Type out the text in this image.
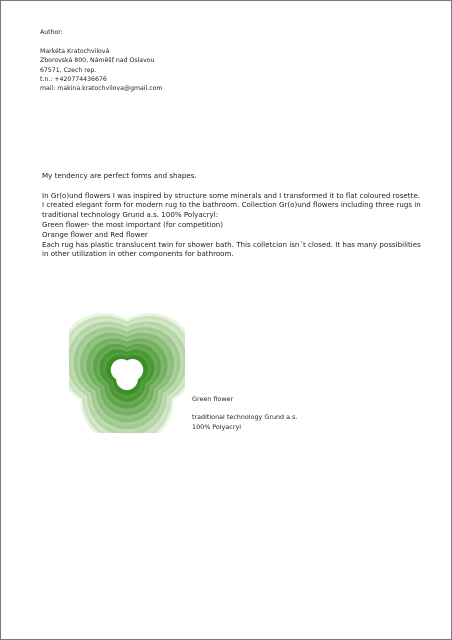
Author:
Markéta Kratochvilová
Zborovská 800, Náměšť nad Oslavou
67571, Czech rep.
t.n.: +420774436676
mail: makina.kratochvilova@gmail.com
My tendency are perfect forms and shapes.
In Gr(o)und flowers I was inspired by structure some minerals and I transformed it to flat coloured rosette.
I created elegant form for modern rug to the bathroom. Collection Gr(o)und flowers including three rugs in
traditional technology Grund a.s. 100% Polyacryl:
Green flower- the most important (for competition)
Orange flower and Red flower
Each rug has plastic translucent twin for shower bath. This colletcion isn´t closed. It has many possibilities
in other utilization in other components for bathroom.
Green flower
traditional technology Grund a.s.
100% Polyacryl
